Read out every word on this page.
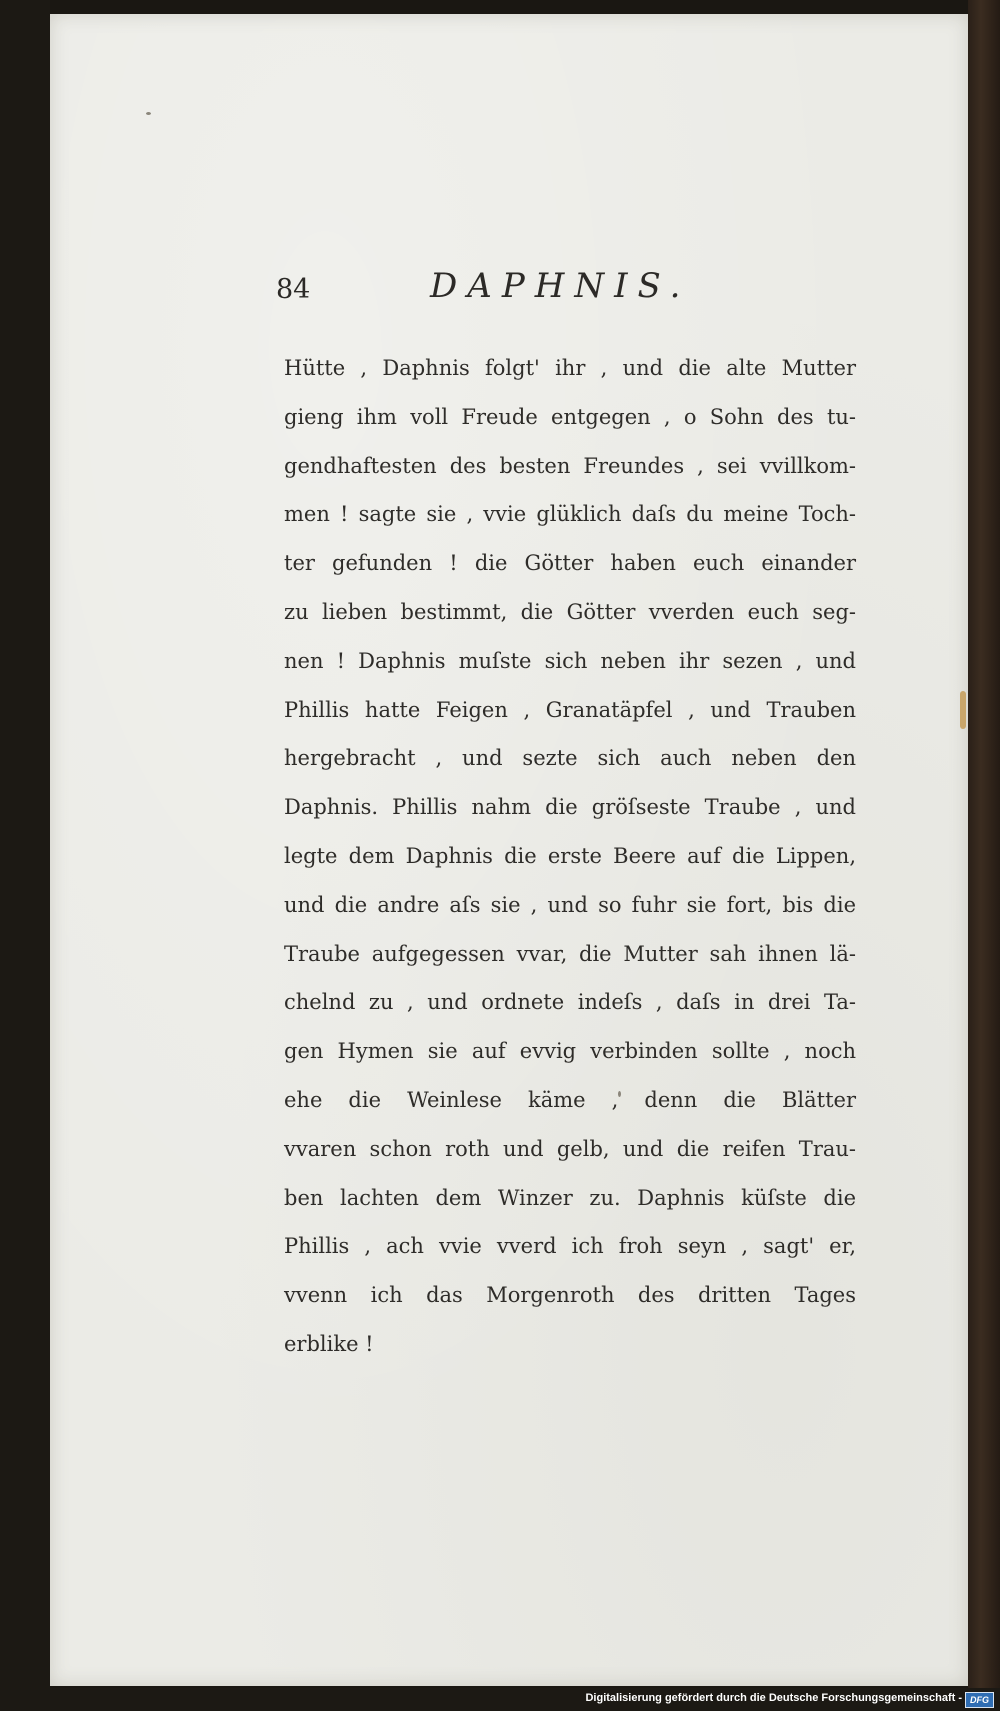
84	DAPHNIS.
Hütte , Daphnis folgt' ihr , und die alte Mutter
gieng ihm voll Freude entgegen , o Sohn des tu-
gendhaftesten des besten Freundes , sei vvillkom-
men ! sagte sie , vvie glüklich daſs du meine Toch-
ter gefunden ! die Götter haben euch einander
zu lieben bestimmt, die Götter vverden euch seg-
nen ! Daphnis muſste sich neben ihr sezen , und
Phillis hatte Feigen , Granatäpfel , und Trauben
hergebracht , und sezte sich auch neben den
Daphnis. Phillis nahm die gröſseste Traube , und
legte dem Daphnis die erste Beere auf die Lippen,
und die andre aſs sie , und so fuhr sie fort, bis die
Traube aufgegessen vvar, die Mutter sah ihnen lä-
chelnd zu , und ordnete indeſs , daſs in drei Ta-
gen Hymen sie auf evvig verbinden sollte , noch
ehe die Weinlese käme , denn die Blätter
vvaren schon roth und gelb, und die reifen Trau-
ben lachten dem Winzer zu. Daphnis küſste die
Phillis , ach vvie vverd ich froh seyn , sagt' er,
vvenn ich das Morgenroth des dritten Tages
erblike !
Digitalisierung gefördert durch die Deutsche Forschungsgemeinschaft - DFG
